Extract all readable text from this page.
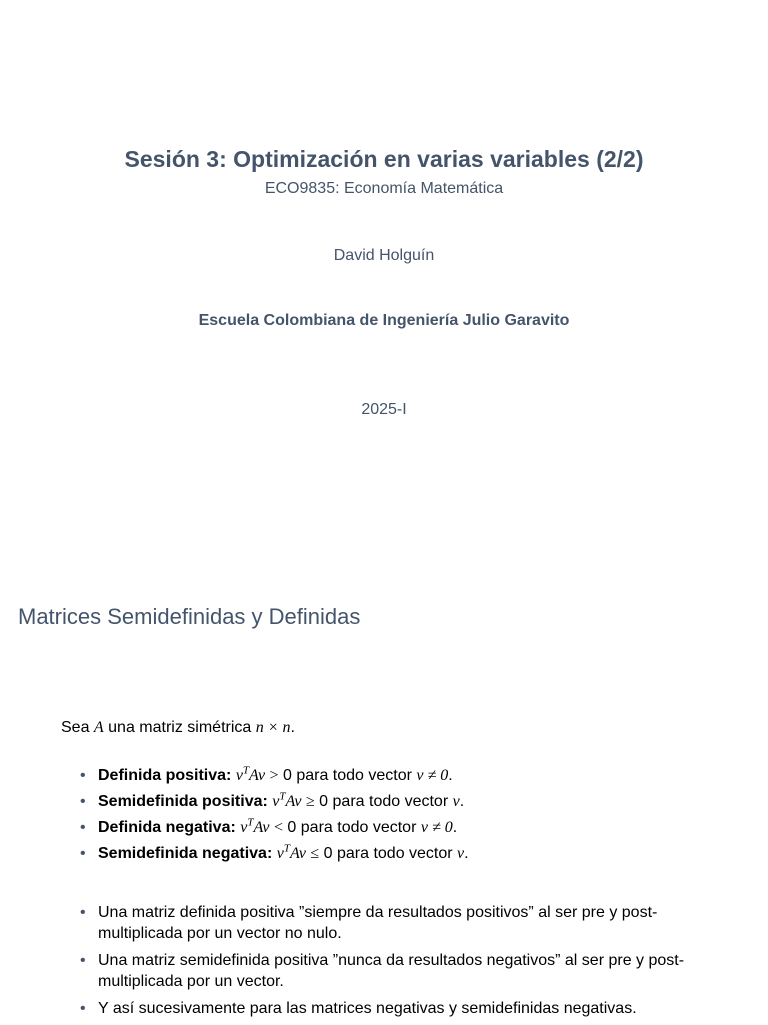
Sesión 3: Optimización en varias variables (2/2)
ECO9835: Economía Matemática
David Holguín
Escuela Colombiana de Ingeniería Julio Garavito
2025-I
Matrices Semidefinidas y Definidas
Sea A una matriz simétrica n × n.
• Definida positiva: $v^TAv > 0$ para todo vector v ≠ 0.
• Semidefinida positiva: $v^TAv \ge 0$ para todo vector v.
• Definida negativa: $v^TAv < 0$ para todo vector v ≠ 0.
• Semidefinida negativa: $v^TAv \le 0$ para todo vector v.
• Una matriz definida positiva ”siempre da resultados positivos” al ser pre y post-multiplicada por un vector no nulo.
• Una matriz semidefinida positiva ”nunca da resultados negativos” al ser pre y post-multiplicada por un vector.
• Y así sucesivamente para las matrices negativas y semidefinidas negativas.
